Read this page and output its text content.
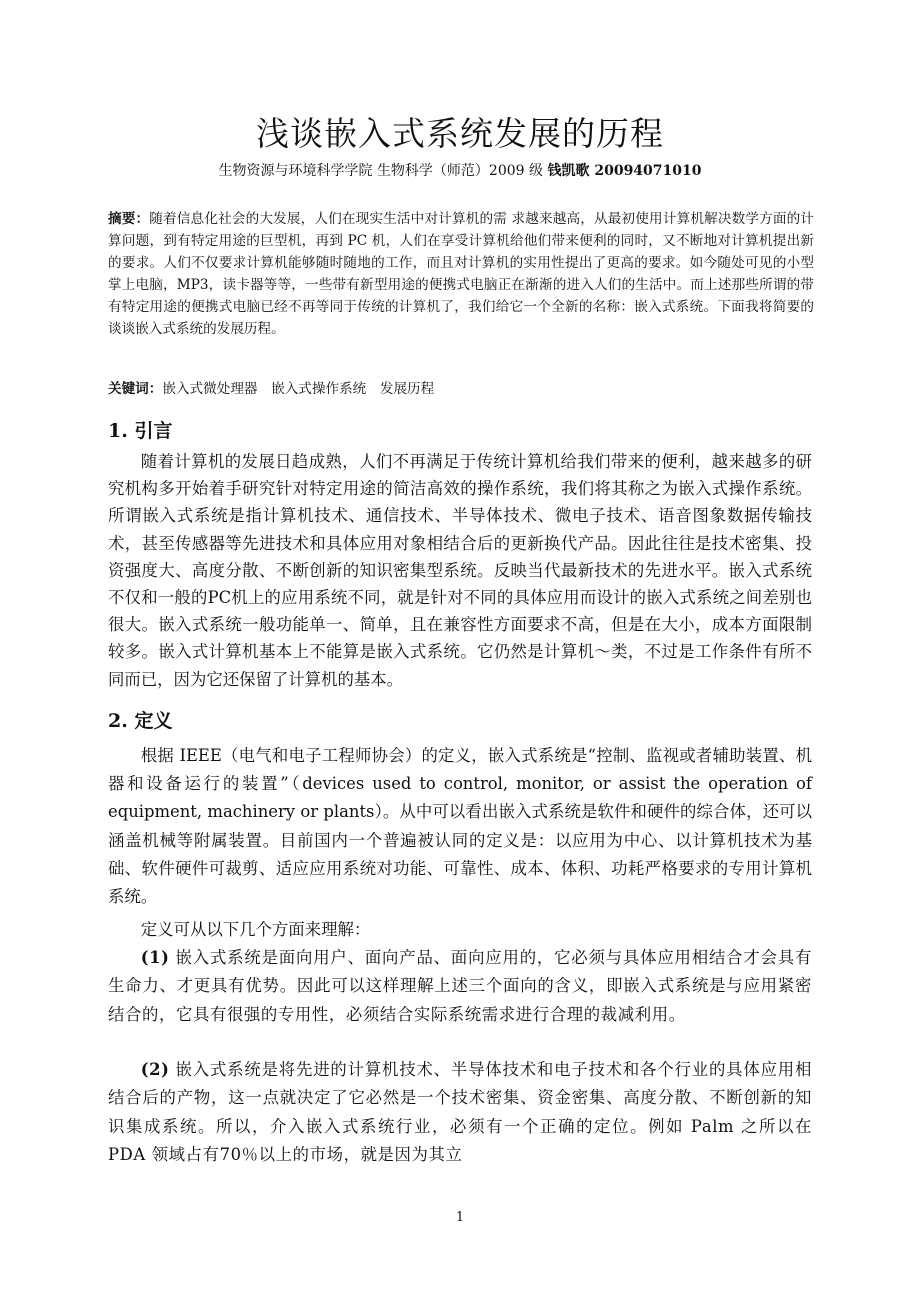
浅谈嵌入式系统发展的历程
生物资源与环境科学学院 生物科学（师范）2009 级 钱凯歌 20094071010

摘要：随着信息化社会的大发展，人们在现实生活中对计算机的需 求越来越高，从最初使用计算机解决数学方面的计算问题，到有特定用途的巨型机，再到 PC 机，人们在享受计算机给他们带来便利的同时，又不断地对计算机提出新的要求。人们不仅要求计算机能够随时随地的工作，而且对计算机的实用性提出了更高的要求。如今随处可见的小型掌上电脑，MP3，读卡器等等，一些带有新型用途的便携式电脑正在渐渐的进入人们的生活中。而上述那些所谓的带有特定用途的便携式电脑已经不再等同于传统的计算机了，我们给它一个全新的名称：嵌入式系统。下面我将简要的谈谈嵌入式系统的发展历程。

关键词：嵌入式微处理器　嵌入式操作系统　发展历程

1. 引言

随着计算机的发展日趋成熟，人们不再满足于传统计算机给我们带来的便利，越来越多的研究机构多开始着手研究针对特定用途的简洁高效的操作系统，我们将其称之为嵌入式操作系统。所谓嵌入式系统是指计算机技术、通信技术、半导体技术、微电子技术、语音图象数据传输技术，甚至传感器等先进技术和具体应用对象相结合后的更新换代产品。因此往往是技术密集、投资强度大、高度分散、不断创新的知识密集型系统。反映当代最新技术的先进水平。嵌入式系统不仅和一般的PC机上的应用系统不同，就是针对不同的具体应用而设计的嵌入式系统之间差别也很大。嵌入式系统一般功能单一、简单，且在兼容性方面要求不高，但是在大小，成本方面限制较多。嵌入式计算机基本上不能算是嵌入式系统。它仍然是计算机～类，不过是工作条件有所不同而已，因为它还保留了计算机的基本。

2. 定义

根据 IEEE（电气和电子工程师协会）的定义，嵌入式系统是“控制、监视或者辅助装置、机器和设备运行的装置”（devices used to control, monitor, or assist the operation of equipment, machinery or plants）。从中可以看出嵌入式系统是软件和硬件的综合体，还可以涵盖机械等附属装置。目前国内一个普遍被认同的定义是：以应用为中心、以计算机技术为基础、软件硬件可裁剪、适应应用系统对功能、可靠性、成本、体积、功耗严格要求的专用计算机系统。

定义可从以下几个方面来理解：

(1) 嵌入式系统是面向用户、面向产品、面向应用的，它必须与具体应用相结合才会具有生命力、才更具有优势。因此可以这样理解上述三个面向的含义，即嵌入式系统是与应用紧密结合的，它具有很强的专用性，必须结合实际系统需求进行合理的裁减利用。

(2) 嵌入式系统是将先进的计算机技术、半导体技术和电子技术和各个行业的具体应用相结合后的产物，这一点就决定了它必然是一个技术密集、资金密集、高度分散、不断创新的知识集成系统。所以，介入嵌入式系统行业，必须有一个正确的定位。例如 Palm 之所以在 PDA 领域占有70％以上的市场，就是因为其立

1
